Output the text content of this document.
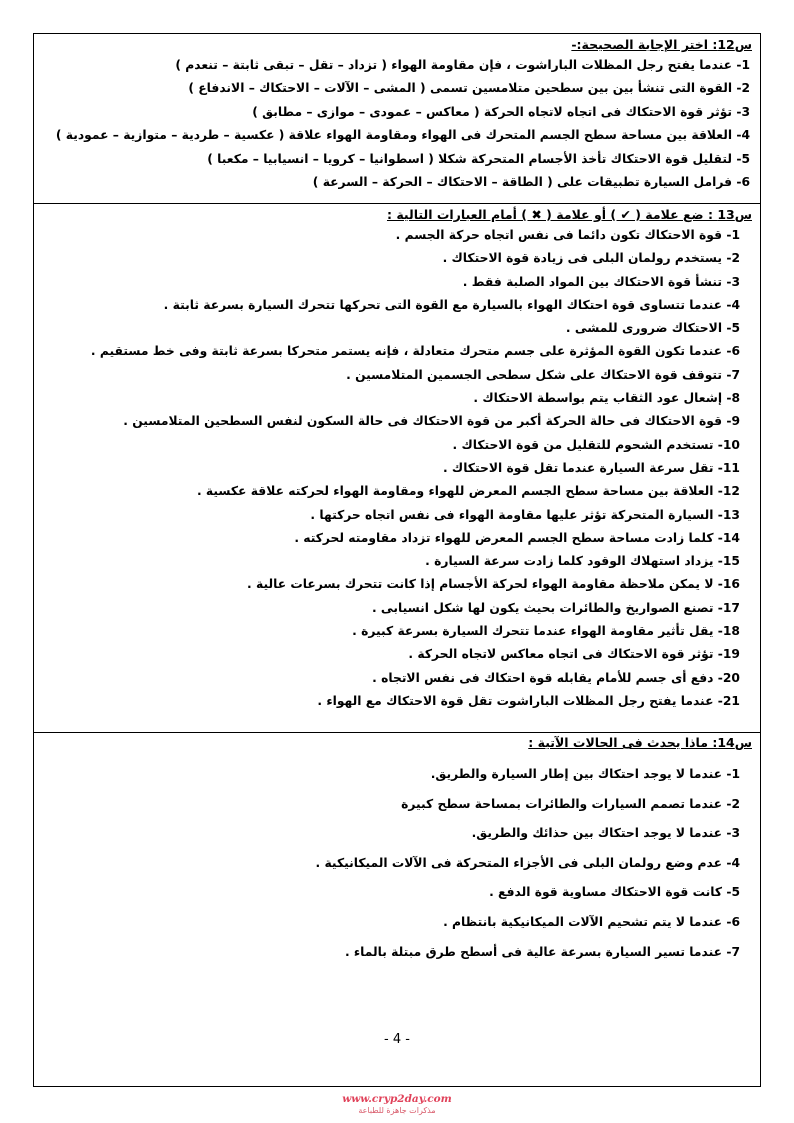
س12: اختر الإجابة الصحيحة:-
1- عندما يفتح رجل المظلات الباراشوت ، فإن مقاومة الهواء ( تزداد – تقل – تبقى ثابتة – تنعدم )
2- القوة التى تنشأ بين بين سطحين متلامسين تسمى ( المشى – الآلات – الاحتكاك – الاندفاع )
3- تؤثر قوة الاحتكاك فى اتجاه لاتجاه الحركة ( معاكس – عمودى – موازى – مطابق )
4- العلاقة بين مساحة سطح الجسم المتحرك فى الهواء ومقاومة الهواء علاقة ( عكسية – طردية – متوازية – عمودية )
5- لتقليل قوة الاحتكاك تأخذ الأجسام المتحركة شكلا ( اسطوانيا – كرويا – انسيابيا – مكعبا )
6- فرامل السيارة تطبيقات على ( الطاقة – الاحتكاك – الحركة – السرعة )
س13 : ضع علامة ( ✔ ) أو علامة ( ✖ ) أمام العبارات التالية :
1- قوة الاحتكاك تكون دائما فى نفس اتجاه حركة الجسم .
2- يستخدم رولمان البلى فى زيادة قوة الاحتكاك .
3- تنشأ قوة الاحتكاك بين المواد الصلبة فقط .
4- عندما تتساوى قوة احتكاك الهواء بالسيارة مع القوة التى تحركها تتحرك السيارة بسرعة ثابتة .
5- الاحتكاك ضرورى للمشى .
6- عندما تكون القوة المؤثرة على جسم متحرك متعادلة ، فإنه يستمر متحركا بسرعة ثابتة وفى خط مستقيم .
7- تتوقف قوة الاحتكاك على شكل سطحى الجسمين المتلامسين .
8- إشعال عود الثقاب يتم بواسطة الاحتكاك .
9- قوة الاحتكاك فى حالة الحركة أكبر من قوة الاحتكاك فى حالة السكون لنفس السطحين المتلامسين .
10- تستخدم الشحوم للتقليل من قوة الاحتكاك .
11- تقل سرعة السيارة عندما تقل قوة الاحتكاك .
12- العلاقة بين مساحة سطح الجسم المعرض للهواء ومقاومة الهواء لحركته علاقة عكسية .
13- السيارة المتحركة تؤثر عليها مقاومة الهواء فى نفس اتجاه حركتها .
14- كلما زادت مساحة سطح الجسم المعرض للهواء تزداد مقاومته لحركته .
15- يزداد استهلاك الوقود كلما زادت سرعة السيارة .
16- لا يمكن ملاحظة مقاومة الهواء لحركة الأجسام إذا كانت تتحرك بسرعات عالية .
17- تصنع الصواريخ والطائرات بحيث يكون لها شكل انسيابى .
18- يقل تأثير مقاومة الهواء عندما تتحرك السيارة بسرعة كبيرة .
19- تؤثر قوة الاحتكاك فى اتجاه معاكس لاتجاه الحركة .
20- دفع أى جسم للأمام يقابله قوة احتكاك فى نفس الاتجاه .
21- عندما يفتح رجل المظلات الباراشوت تقل قوة الاحتكاك مع الهواء .
س14: ماذا يحدث فى الحالات الآتية :
1- عندما لا يوجد احتكاك بين إطار السيارة والطريق.
2- عندما تصمم السيارات والطائرات بمساحة سطح كبيرة
3- عندما لا يوجد احتكاك بين حذائك والطريق.
4- عدم وضع رولمان البلى فى الأجزاء المتحركة فى الآلات الميكانيكية .
5- كانت قوة الاحتكاك مساوية قوة الدفع .
6- عندما لا يتم تشحيم الآلات الميكانيكية بانتظام .
7- عندما تسير السيارة بسرعة عالية فى أسطح طرق مبتلة بالماء .
- 4 -
www.cryp2day.com
مذكرات جاهزة للطباعة
